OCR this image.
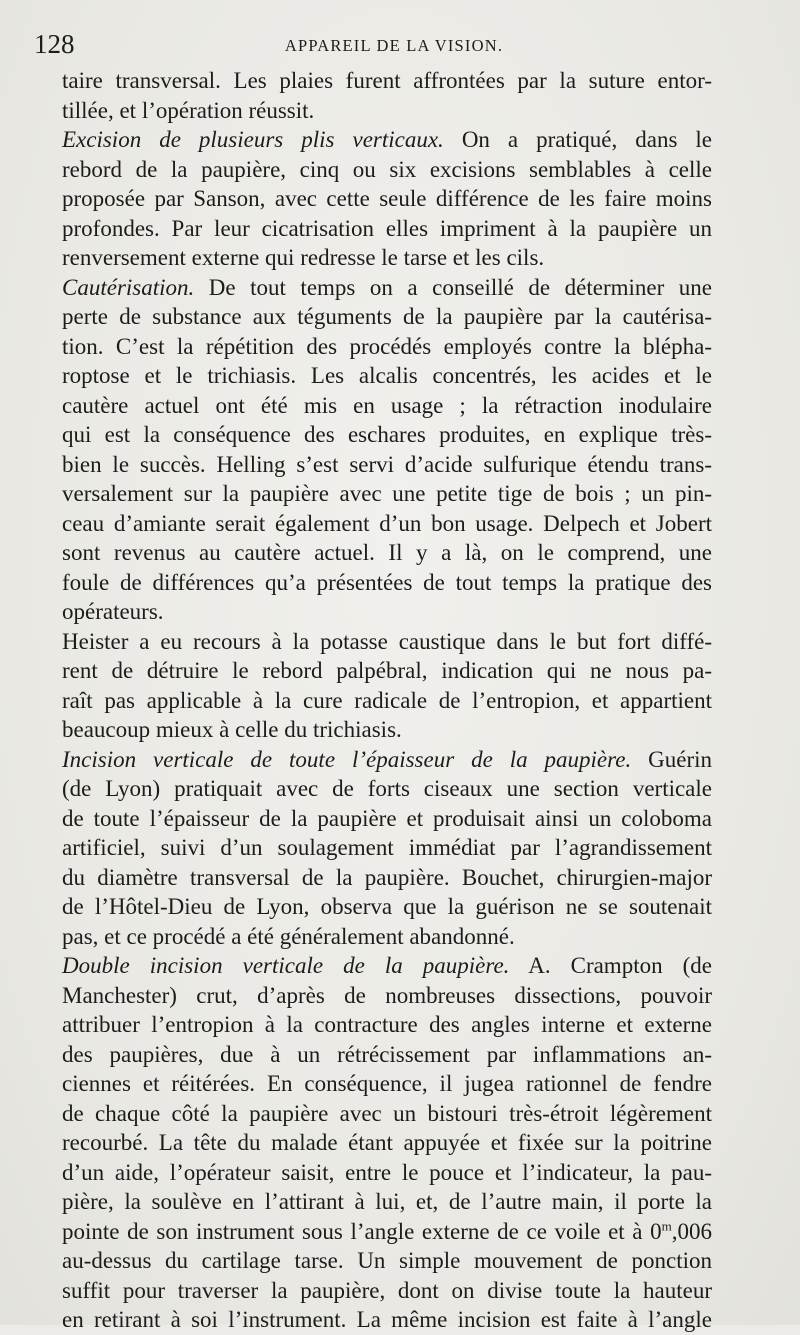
128	APPAREIL DE LA VISION.
taire transversal. Les plaies furent affrontées par la suture entor-
tillée, et l’opération réussit.
Excision de plusieurs plis verticaux. On a pratiqué, dans le
rebord de la paupière, cinq ou six excisions semblables à celle
proposée par Sanson, avec cette seule différence de les faire moins
profondes. Par leur cicatrisation elles impriment à la paupière un
renversement externe qui redresse le tarse et les cils.
Cautérisation. De tout temps on a conseillé de déterminer une
perte de substance aux téguments de la paupière par la cautérisa-
tion. C’est la répétition des procédés employés contre la blépha-
roptose et le trichiasis. Les alcalis concentrés, les acides et le
cautère actuel ont été mis en usage ; la rétraction inodulaire
qui est la conséquence des eschares produites, en explique très-
bien le succès. Helling s’est servi d’acide sulfurique étendu trans-
versalement sur la paupière avec une petite tige de bois ; un pin-
ceau d’amiante serait également d’un bon usage. Delpech et Jobert
sont revenus au cautère actuel. Il y a là, on le comprend, une
foule de différences qu’a présentées de tout temps la pratique des
opérateurs.
Heister a eu recours à la potasse caustique dans le but fort diffé-
rent de détruire le rebord palpébral, indication qui ne nous pa-
raît pas applicable à la cure radicale de l’entropion, et appartient
beaucoup mieux à celle du trichiasis.
Incision verticale de toute l’épaisseur de la paupière. Guérin
(de Lyon) pratiquait avec de forts ciseaux une section verticale
de toute l’épaisseur de la paupière et produisait ainsi un coloboma
artificiel, suivi d’un soulagement immédiat par l’agrandissement
du diamètre transversal de la paupière. Bouchet, chirurgien-major
de l’Hôtel-Dieu de Lyon, observa que la guérison ne se soutenait
pas, et ce procédé a été généralement abandonné.
Double incision verticale de la paupière. A. Crampton (de
Manchester) crut, d’après de nombreuses dissections, pouvoir
attribuer l’entropion à la contracture des angles interne et externe
des paupières, due à un rétrécissement par inflammations an-
ciennes et réitérées. En conséquence, il jugea rationnel de fendre
de chaque côté la paupière avec un bistouri très-étroit légèrement
recourbé. La tête du malade étant appuyée et fixée sur la poitrine
d’un aide, l’opérateur saisit, entre le pouce et l’indicateur, la pau-
pière, la soulève en l’attirant à lui, et, de l’autre main, il porte la
pointe de son instrument sous l’angle externe de ce voile et à 0$^m$,006
au-dessus du cartilage tarse. Un simple mouvement de ponction
suffit pour traverser la paupière, dont on divise toute la hauteur
en retirant à soi l’instrument. La même incision est faite à l’angle
